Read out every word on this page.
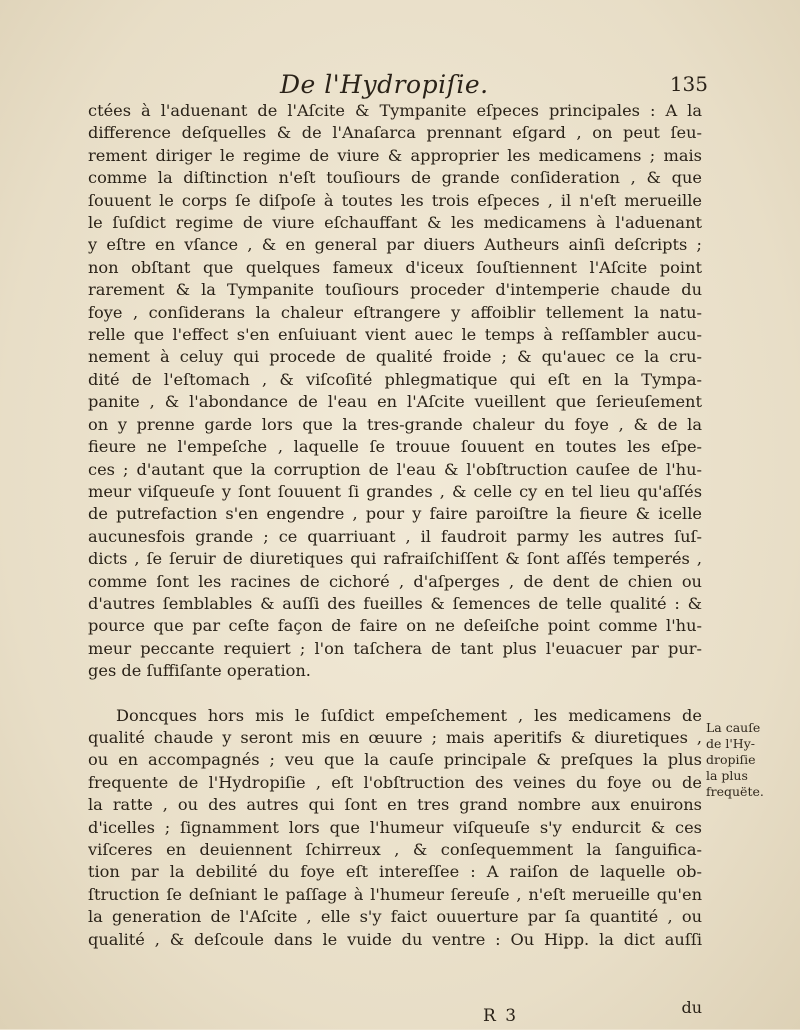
De l'Hydropiſie.	135
ctées à l'aduenant de l'Aſcite & Tympanite eſpeces principales : A la
difference deſquelles & de l'Anaſarca prennant eſgard , on peut ſeu-
rement diriger le regime de viure & approprier les medicamens ; mais
comme la diſtinction n'eſt touſiours de grande conſideration , & que
ſouuent le corps ſe diſpoſe à toutes les trois eſpeces , il n'eſt merueille
le ſuſdict regime de viure eſchauffant & les medicamens à l'aduenant
y eſtre en vſance , & en general par diuers Autheurs ainſi deſcripts ;
non obſtant que quelques fameux d'iceux ſouſtiennent l'Aſcite point
rarement & la Tympanite touſiours proceder d'intemperie chaude du
foye , conſiderans la chaleur eſtrangere y affoiblir tellement la natu-
relle que l'effect s'en enſuiuant vient auec le temps à reſſambler aucu-
nement à celuy qui procede de qualité froide ; & qu'auec ce la cru-
dité de l'eſtomach , & viſcoſité phlegmatique qui eſt en la Tympa-
panite , & l'abondance de l'eau en l'Aſcite vueillent que ſerieuſement
on y prenne garde lors que la tres-grande chaleur du foye , & de la
fieure ne l'empeſche , laquelle ſe trouue ſouuent en toutes les eſpe-
ces ; d'autant que la corruption de l'eau & l'obſtruction cauſee de l'hu-
meur viſqueuſe y ſont ſouuent ſi grandes , & celle cy en tel lieu qu'aſſés
de putrefaction s'en engendre , pour y faire paroiſtre la fieure & icelle
aucunesfois grande ; ce quarriuant , il faudroit parmy les autres ſuſ-
dicts , ſe ſeruir de diuretiques qui rafraiſchiſſent & ſont aſſés temperés ,
comme ſont les racines de cichoré , d'aſperges , de dent de chien ou
d'autres ſemblables & auſſi des fueilles & ſemences de telle qualité : &
pource que par ceſte façon de faire on ne deſeiſche point comme l'hu-
meur peccante requiert ; l'on taſchera de tant plus l'euacuer par pur-
ges de ſuffiſante operation.
Doncques hors mis le ſuſdict empeſchement , les medicamens de
qualité chaude y seront mis en œuure ; mais aperitifs & diuretiques ,
ou en accompagnés ; veu que la cauſe principale & preſques la plus
frequente de l'Hydropiſie , eſt l'obſtruction des veines du foye ou de
la ratte , ou des autres qui ſont en tres grand nombre aux enuirons
d'icelles ; ſignamment lors que l'humeur viſqueuſe s'y endurcit & ces
viſceres en deuiennent ſchirreux , & conſequemment la ſanguifica-
tion par la debilité du foye eſt intereſſee : A raiſon de laquelle ob-
ſtruction ſe deſniant le paſſage à l'humeur ſereuſe , n'eſt merueille qu'en
la generation de l'Aſcite , elle s'y faict ouuerture par ſa quantité , ou
qualité , & deſcoule dans le vuide du ventre : Ou Hipp. la dict auſſi
La cauſe
de l'Hy-
dropiſie
la plus
frequëte.
R 3	du
